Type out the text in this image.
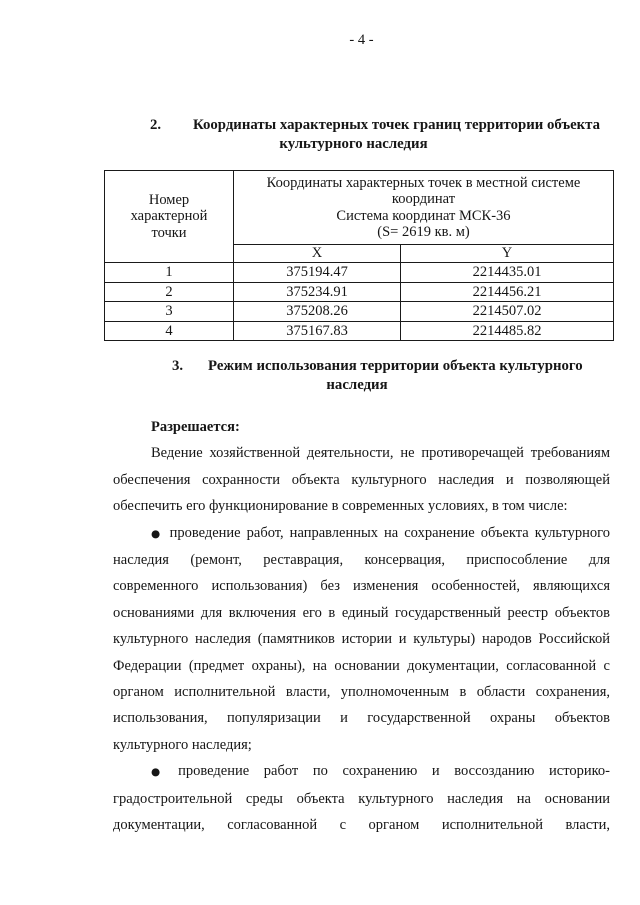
- 4 -
2. Координаты характерных точек границ территории объекта
культурного наследия
Номер
характерной
точки	Координаты характерных точек в местной системе
координат
Система координат МСК-36
(S= 2619 кв. м)	

	X	Y
1	375194.47	2214435.01
2	375234.91	2214456.21
3	375208.26	2214507.02
4	375167.83	2214485.82
3. Режим использования территории объекта культурного
наследия
Разрешается:
Ведение хозяйственной деятельности, не противоречащей требованиям
обеспечения сохранности объекта культурного наследия и позволяющей
обеспечить его функционирование в современных условиях, в том числе:
● проведение работ, направленных на сохранение объекта культурного
наследия (ремонт, реставрация, консервация, приспособление для
современного использования) без изменения особенностей, являющихся
основаниями для включения его в единый государственный реестр объектов
культурного наследия (памятников истории и культуры) народов Российской
Федерации (предмет охраны), на основании документации, согласованной с
органом исполнительной власти, уполномоченным в области сохранения,
использования, популяризации и государственной охраны объектов
культурного наследия;
● проведение работ по сохранению и воссозданию историко-
градостроительной среды объекта культурного наследия на основании
документации, согласованной с органом исполнительной власти,
